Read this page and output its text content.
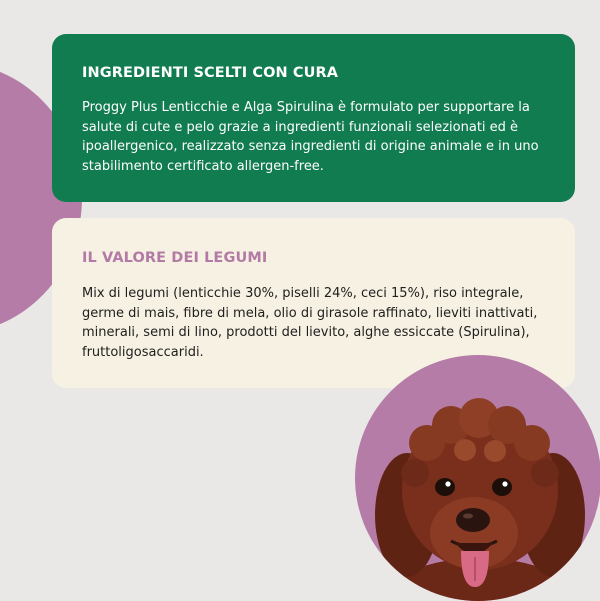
INGREDIENTI SCELTI CON CURA

Proggy Plus Lenticchie e Alga Spirulina è formulato per supportare la salute di cute e pelo grazie a ingredienti funzionali selezionati ed è ipoallergenico, realizzato senza ingredienti di origine animale e in uno stabilimento certificato allergen-free.

IL VALORE DEI LEGUMI

Mix di legumi (lenticchie 30%, piselli 24%, ceci 15%), riso integrale, germe di mais, fibre di mela, olio di girasole raffinato, lieviti inattivati, minerali, semi di lino, prodotti del lievito, alghe essiccate (Spirulina), fruttoligosaccaridi.
